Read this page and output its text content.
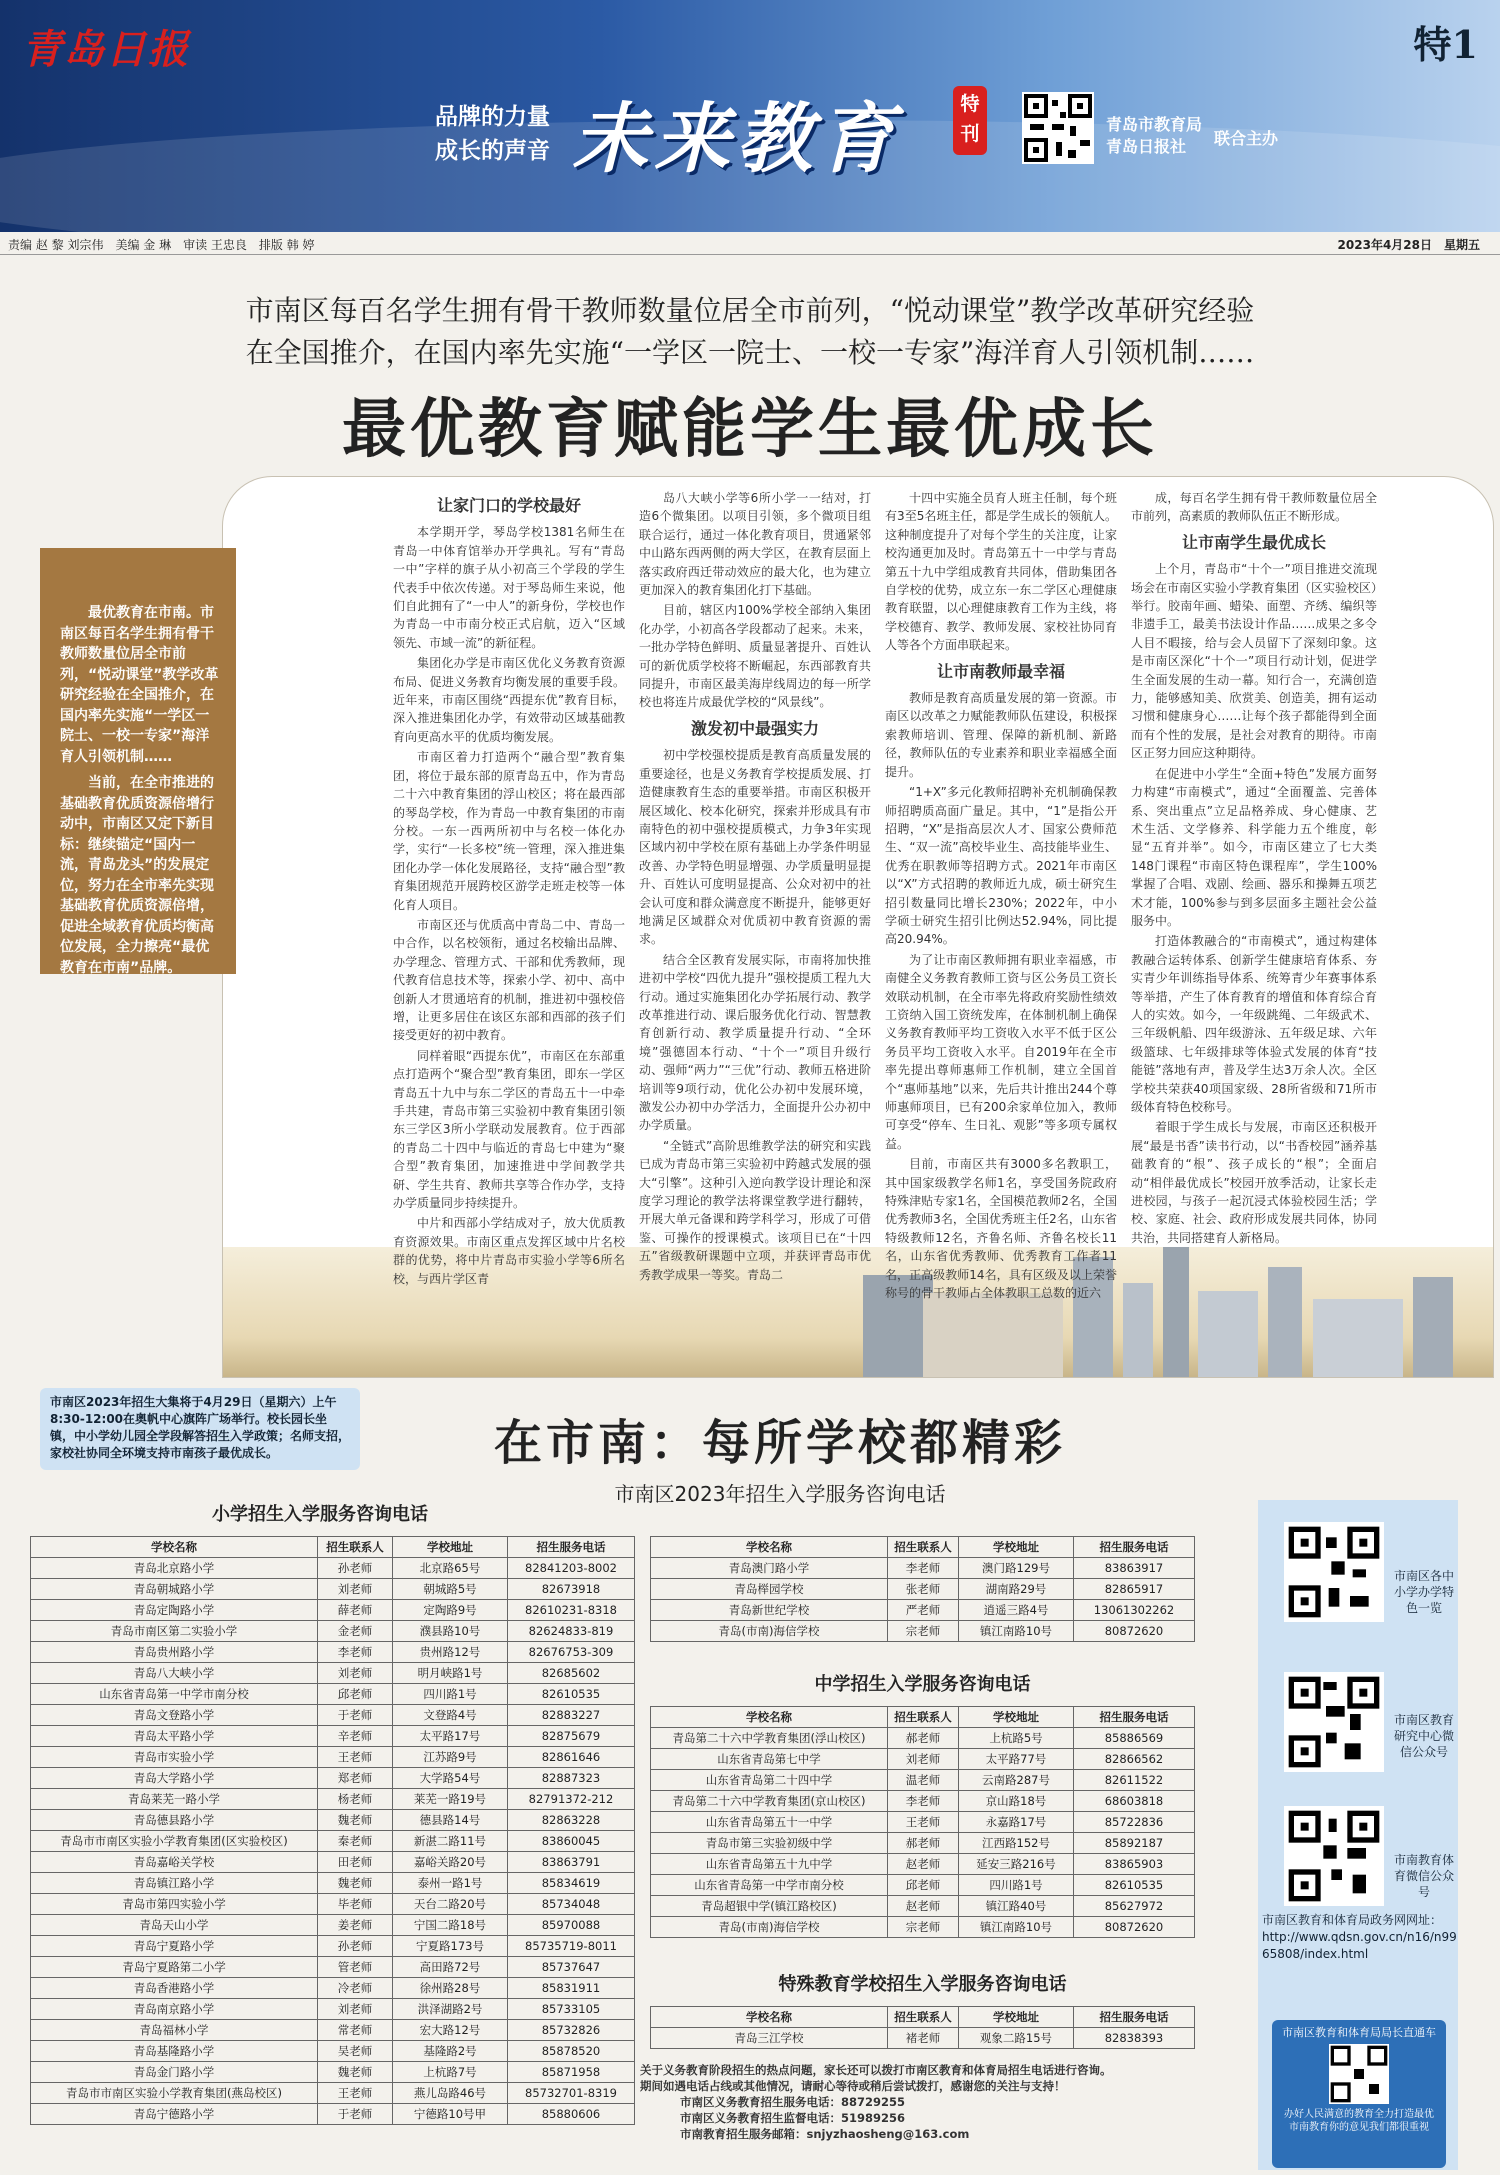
青岛日报	特1
品牌的力量
成长的声音 未来教育	特刊	青岛市教育局
青岛日报社	联合主办
责编 赵 黎 刘宗伟　美编 金 琳　审读 王忠良　排版 韩 婷	2023年4月28日　星期五
市南区每百名学生拥有骨干教师数量位居全市前列，“悦动课堂”教学改革研究经验
在全国推介，在国内率先实施“一学区一院士、一校一专家”海洋育人引领机制……
最优教育赋能学生最优成长
让家门口的学校最好

本学期开学，琴岛学校1381名师生在青岛一中体育馆举办开学典礼。写有“青岛一中”字样的旗子从小初高三个学段的学生代表手中依次传递。对于琴岛师生来说，他们自此拥有了“一中人”的新身份，学校也作为青岛一中市南分校正式启航，迈入“区域领先、市域一流”的新征程。

集团化办学是市南区优化义务教育资源布局、促进义务教育均衡发展的重要手段。近年来，市南区围绕“西提东优”教育目标，深入推进集团化办学，有效带动区域基础教育向更高水平的优质均衡发展。

市南区着力打造两个“融合型”教育集团，将位于最东部的原青岛五中，作为青岛二十六中教育集团的浮山校区；将在最西部的琴岛学校，作为青岛一中教育集团的市南分校。一东一西两所初中与名校一体化办学，实行“一长多校”统一管理，深入推进集团化办学一体化发展路径，支持“融合型”教育集团规范开展跨校区游学走班走校等一体化育人项目。

市南区还与优质高中青岛二中、青岛一中合作，以名校领衔，通过名校输出品牌、办学理念、管理方式、干部和优秀教师，现代教育信息技术等，探索小学、初中、高中创新人才贯通培育的机制，推进初中强校倍增，让更多居住在该区东部和西部的孩子们接受更好的初中教育。

同样着眼“西提东优”，市南区在东部重点打造两个“聚合型”教育集团，即东一学区青岛五十九中与东二学区的青岛五十一中牵手共建，青岛市第三实验初中教育集团引领东三学区3所小学联动发展教育。位于西部的青岛二十四中与临近的青岛七中建为“聚合型”教育集团，加速推进中学间教学共研、学生共育、教师共享等合作办学，支持办学质量同步持续提升。

中片和西部小学结成对子，放大优质教育资源效果。市南区重点发挥区域中片名校群的优势，将中片青岛市实验小学等6所名校，与西片学区青

岛八大峡小学等6所小学一一结对，打造6个微集团。以项目引领，多个微项目组联合运行，通过一体化教育项目，贯通紧邻中山路东西两侧的两大学区，在教育层面上落实政府西迁带动效应的最大化，也为建立更加深入的教育集团化打下基础。

目前，辖区内100%学校全部纳入集团化办学，小初高各学段都动了起来。未来，一批办学特色鲜明、质量显著提升、百姓认可的新优质学校将不断崛起，东西部教育共同提升，市南区最美海岸线周边的每一所学校也将连片成最优学校的“风景线”。

激发初中最强实力

初中学校强校提质是教育高质量发展的重要途径，也是义务教育学校提质发展、打造健康教育生态的重要举措。市南区积极开展区域化、校本化研究，探索并形成具有市南特色的初中强校提质模式，力争3年实现区域内初中学校在原有基础上办学条件明显改善、办学特色明显增强、办学质量明显提升、百姓认可度明显提高、公众对初中的社会认可度和群众满意度不断提升，能够更好地满足区域群众对优质初中教育资源的需求。

结合全区教育发展实际，市南将加快推进初中学校“四优九提升”强校提质工程九大行动。通过实施集团化办学拓展行动、教学改革推进行动、课后服务优化行动、智慧教育创新行动、教学质量提升行动、“全环境”强德固本行动、“十个一”项目升级行动、强师“两力”“三优”行动、教师五格进阶培训等9项行动，优化公办初中发展环境，激发公办初中办学活力，全面提升公办初中办学质量。

“全链式”高阶思维教学法的研究和实践已成为青岛市第三实验初中跨越式发展的强大“引擎”。这种引入逆向教学设计理论和深度学习理论的教学法将课堂教学进行翻转，开展大单元备课和跨学科学习，形成了可借鉴、可操作的授课模式。该项目已在“十四五”省级教研课题中立项，并获评青岛市优秀教学成果一等奖。青岛二

十四中实施全员育人班主任制，每个班有3至5名班主任，都是学生成长的领航人。这种制度提升了对每个学生的关注度，让家校沟通更加及时。青岛第五十一中学与青岛第五十九中学组成教育共同体，借助集团各自学校的优势，成立东一东二学区心理健康教育联盟，以心理健康教育工作为主线，将学校德育、教学、教师发展、家校社协同育人等各个方面串联起来。

让市南教师最幸福

教师是教育高质量发展的第一资源。市南区以改革之力赋能教师队伍建设，积极探索教师培训、管理、保障的新机制、新路径，教师队伍的专业素养和职业幸福感全面提升。

“1+X”多元化教师招聘补充机制确保教师招聘质高面广量足。其中，“1”是指公开招聘，“X”是指高层次人才、国家公费师范生、“双一流”高校毕业生、高技能毕业生、优秀在职教师等招聘方式。2021年市南区以“X”方式招聘的教师近九成，硕士研究生招引数量同比增长230%；2022年，中小学硕士研究生招引比例达52.94%，同比提高20.94%。

为了让市南区教师拥有职业幸福感，市南健全义务教育教师工资与区公务员工资长效联动机制，在全市率先将政府奖励性绩效工资纳入国工资统发库，在体制机制上确保义务教育教师平均工资收入水平不低于区公务员平均工资收入水平。自2019年在全市率先提出尊师惠师工作机制，建立全国首个“惠师基地”以来，先后共计推出244个尊师惠师项目，已有200余家单位加入，教师可享受“停车、生日礼、观影”等多项专属权益。

目前，市南区共有3000多名教职工，其中国家级教学名师1名，享受国务院政府特殊津贴专家1名，全国模范教师2名，全国优秀教师3名，全国优秀班主任2名，山东省特级教师12名，齐鲁名师、齐鲁名校长11名，山东省优秀教师、优秀教育工作者11名，正高级教师14名，具有区级及以上荣誉称号的骨干教师占全体教职工总数的近六

成，每百名学生拥有骨干教师数量位居全市前列，高素质的教师队伍正不断形成。

让市南学生最优成长

上个月，青岛市“十个一”项目推进交流现场会在市南区实验小学教育集团（区实验校区）举行。胶南年画、蜡染、面塑、齐绣、编织等非遗手工，最美书法设计作品……成果之多令人目不暇接，给与会人员留下了深刻印象。这是市南区深化“十个一”项目行动计划，促进学生全面发展的生动一幕。知行合一，充满创造力，能够感知美、欣赏美、创造美，拥有运动习惯和健康身心……让每个孩子都能得到全面而有个性的发展，是社会对教育的期待。市南区正努力回应这种期待。

在促进中小学生“全面+特色”发展方面努力构建“市南模式”，通过“全面覆盖、完善体系、突出重点”立足品格养成、身心健康、艺术生活、文学修养、科学能力五个维度，彰显“五育并举”。如今，市南区建立了七大类148门课程“市南区特色课程库”，学生100%掌握了合唱、戏剧、绘画、器乐和操舞五项艺术才能，100%参与到多层面多主题社会公益服务中。

打造体教融合的“市南模式”，通过构建体教融合运转体系、创新学生健康培育体系、夯实青少年训练指导体系、统筹青少年赛事体系等举措，产生了体育教育的增值和体育综合育人的实效。如今，一年级跳绳、二年级武术、三年级帆船、四年级游泳、五年级足球、六年级篮球、七年级排球等体验式发展的体育“技能链”落地有声，普及学生达3万余人次。全区学校共荣获40项国家级、28所省级和71所市级体育特色校称号。

着眼于学生成长与发展，市南区还积极开展“最是书香”读书行动，以“书香校园”涵养基础教育的“根”、孩子成长的“根”；全面启动“相伴最优成长”校园开放季活动，让家长走进校园，与孩子一起沉浸式体验校园生活；学校、家庭、社会、政府形成发展共同体，协同共治，共同搭建育人新格局。

最优教育在市南。市南区每百名学生拥有骨干教师数量位居全市前列，“悦动课堂”教学改革研究经验在全国推介，在国内率先实施“一学区一院士、一校一专家”海洋育人引领机制……
当前，在全市推进的基础教育优质资源倍增行动中，市南区又定下新目标：继续锚定“国内一流，青岛龙头”的发展定位，努力在全市率先实现基础教育优质资源倍增，促进全域教育优质均衡高位发展，全力擦亮“最优教育在市南”品牌。
市南区2023年招生大集将于4月29日（星期六）上午8:30-12:00在奥帆中心旗阵广场举行。校长园长坐镇，中小学幼儿园全学段解答招生入学政策；名师支招，家校社协同全环境支持市南孩子最优成长。	在市南：每所学校都精彩
市南区2023年招生入学服务咨询电话
小学招生入学服务咨询电话
学校名称	招生联系人	学校地址	招生服务电话
青岛北京路小学	孙老师	北京路65号	82841203-8002
青岛朝城路小学	刘老师	朝城路5号	82673918
青岛定陶路小学	薛老师	定陶路9号	82610231-8318
青岛市南区第二实验小学	金老师	濮县路10号	82624833-819
青岛贵州路小学	李老师	贵州路12号	82676753-309
青岛八大峡小学	刘老师	明月峡路1号	82685602
山东省青岛第一中学市南分校	邱老师	四川路1号	82610535
青岛文登路小学	于老师	文登路4号	82883227
青岛太平路小学	辛老师	太平路17号	82875679
青岛市实验小学	王老师	江苏路9号	82861646
青岛大学路小学	郑老师	大学路54号	82887323
青岛莱芜一路小学	杨老师	莱芜一路19号	82791372-212
青岛德县路小学	魏老师	德县路14号	82863228
青岛市市南区实验小学教育集团(区实验校区)	秦老师	新湛二路11号	83860045
青岛嘉峪关学校	田老师	嘉峪关路20号	83863791
青岛镇江路小学	魏老师	泰州一路1号	85834619
青岛市第四实验小学	毕老师	天台二路20号	85734048
青岛天山小学	姜老师	宁国二路18号	85970088
青岛宁夏路小学	孙老师	宁夏路173号	85735719-8011
青岛宁夏路第二小学	管老师	高田路72号	85737647
青岛香港路小学	冷老师	徐州路28号	85831911
青岛南京路小学	刘老师	洪泽湖路2号	85733105
青岛福林小学	常老师	宏大路12号	85732826
青岛基隆路小学	吴老师	基隆路2号	85878520
青岛金门路小学	魏老师	上杭路7号	85871958
青岛市市南区实验小学教育集团(燕岛校区)	王老师	燕儿岛路46号	85732701-8319
青岛宁德路小学	于老师	宁德路10号甲	85880606
学校名称	招生联系人	学校地址	招生服务电话
青岛澳门路小学	李老师	澳门路129号	83863917
青岛榉园学校	张老师	湖南路29号	82865917
青岛新世纪学校	严老师	逍遥三路4号	13061302262
青岛(市南)海信学校	宗老师	镇江南路10号	80872620
中学招生入学服务咨询电话
学校名称	招生联系人	学校地址	招生服务电话
青岛第二十六中学教育集团(浮山校区)	郝老师	上杭路5号	85886569
山东省青岛第七中学	刘老师	太平路77号	82866562
山东省青岛第二十四中学	温老师	云南路287号	82611522
青岛第二十六中学教育集团(京山校区)	李老师	京山路18号	68603818
山东省青岛第五十一中学	王老师	永嘉路17号	85722836
青岛市第三实验初级中学	郝老师	江西路152号	85892187
山东省青岛第五十九中学	赵老师	延安三路216号	83865903
山东省青岛第一中学市南分校	邱老师	四川路1号	82610535
青岛超银中学(镇江路校区)	赵老师	镇江路40号	85627972
青岛(市南)海信学校	宗老师	镇江南路10号	80872620
特殊教育学校招生入学服务咨询电话
学校名称	招生联系人	学校地址	招生服务电话
青岛三江学校	褚老师	观象二路15号	82838393
关于义务教育阶段招生的热点问题，家长还可以拨打市南区教育和体育局招生电话进行咨询。
期间如遇电话占线或其他情况，请耐心等待或稍后尝试拨打，感谢您的关注与支持！
市南区义务教育招生服务电话：88729255
市南区义务教育招生监督电话：51989256
市南教育招生服务邮箱：snjyzhaosheng@163.com
市南区各中小学办学特色一览
市南区教育研究中心微信公众号
市南教育体育微信公众号
市南区教育和体育局政务网网址：
http://www.qdsn.gov.cn/n16/n9965808/index.html
市南区教育和体育局局长直通车
办好人民满意的教育全力打造最优市南教育你的意见我们都很重视
